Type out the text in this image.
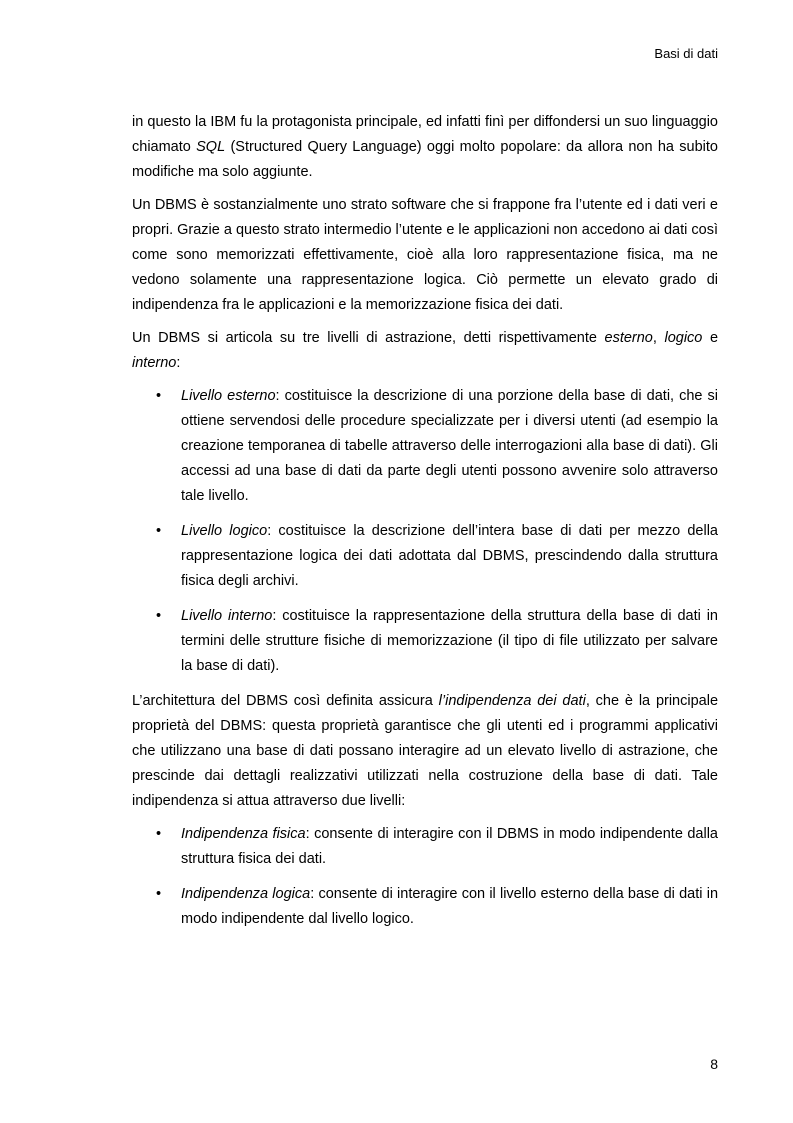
Basi di dati

in questo la IBM fu la protagonista principale, ed infatti finì per diffondersi un suo linguaggio chiamato SQL (Structured Query Language) oggi molto popolare: da allora non ha subito modifiche ma solo aggiunte.

Un DBMS è sostanzialmente uno strato software che si frappone fra l’utente ed i dati veri e propri. Grazie a questo strato intermedio l’utente e le applicazioni non accedono ai dati così come sono memorizzati effettivamente, cioè alla loro rappresentazione fisica, ma ne vedono solamente una rappresentazione logica. Ciò permette un elevato grado di indipendenza fra le applicazioni e la memorizzazione fisica dei dati.

Un DBMS si articola su tre livelli di astrazione, detti rispettivamente esterno, logico e interno:

• Livello esterno: costituisce la descrizione di una porzione della base di dati, che si ottiene servendosi delle procedure specializzate per i diversi utenti (ad esempio la creazione temporanea di tabelle attraverso delle interrogazioni alla base di dati). Gli accessi ad una base di dati da parte degli utenti possono avvenire solo attraverso tale livello.
• Livello logico: costituisce la descrizione dell’intera base di dati per mezzo della rappresentazione logica dei dati adottata dal DBMS, prescindendo dalla struttura fisica degli archivi.
• Livello interno: costituisce la rappresentazione della struttura della base di dati in termini delle strutture fisiche di memorizzazione (il tipo di file utilizzato per salvare la base di dati).

L’architettura del DBMS così definita assicura l’indipendenza dei dati, che è la principale proprietà del DBMS: questa proprietà garantisce che gli utenti ed i programmi applicativi che utilizzano una base di dati possano interagire ad un elevato livello di astrazione, che prescinde dai dettagli realizzativi utilizzati nella costruzione della base di dati. Tale indipendenza si attua attraverso due livelli:

• Indipendenza fisica: consente di interagire con il DBMS in modo indipendente dalla struttura fisica dei dati.
• Indipendenza logica: consente di interagire con il livello esterno della base di dati in modo indipendente dal livello logico.
8
